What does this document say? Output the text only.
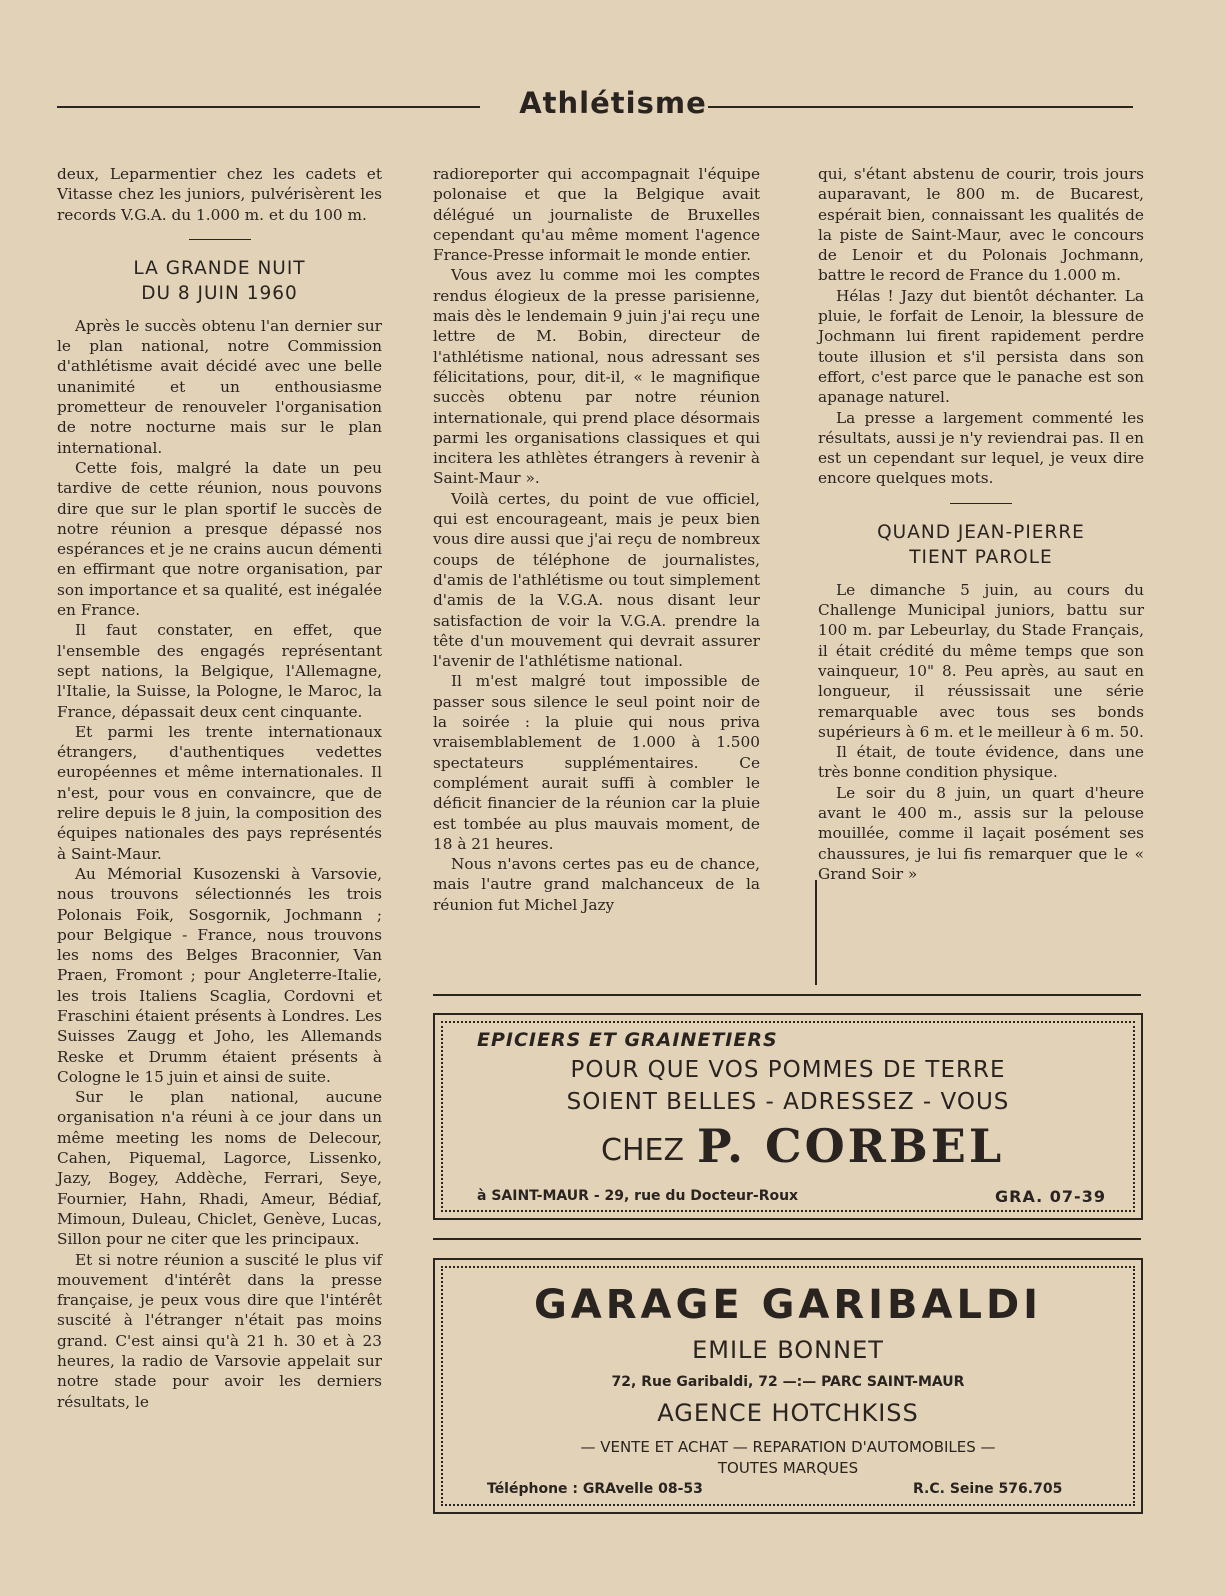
Athlétisme

deux, Leparmentier chez les cadets et Vitasse chez les juniors, pulvérisèrent les records V.G.A. du 1.000 m. et du 100 m.

LA GRANDE NUIT
DU 8 JUIN 1960

Après le succès obtenu l'an dernier sur le plan national, notre Commission d'athlétisme avait décidé avec une belle unanimité et un enthousiasme prometteur de renouveler l'organisation de notre nocturne mais sur le plan international.

Cette fois, malgré la date un peu tardive de cette réunion, nous pouvons dire que sur le plan sportif le succès de notre réunion a presque dépassé nos espérances et je ne crains aucun démenti en effirmant que notre organisation, par son importance et sa qualité, est inégalée en France.

Il faut constater, en effet, que l'ensemble des engagés représentant sept nations, la Belgique, l'Allemagne, l'Italie, la Suisse, la Pologne, le Maroc, la France, dépassait deux cent cinquante.

Et parmi les trente internationaux étrangers, d'authentiques vedettes européennes et même internationales. Il n'est, pour vous en convaincre, que de relire depuis le 8 juin, la composition des équipes nationales des pays représentés à Saint-Maur.

Au Mémorial Kusozenski à Varsovie, nous trouvons sélectionnés les trois Polonais Foik, Sosgornik, Jochmann ; pour Belgique - France, nous trouvons les noms des Belges Braconnier, Van Praen, Fromont ; pour Angleterre-Italie, les trois Italiens Scaglia, Cordovni et Fraschini étaient présents à Londres. Les Suisses Zaugg et Joho, les Allemands Reske et Drumm étaient présents à Cologne le 15 juin et ainsi de suite.

Sur le plan national, aucune organisation n'a réuni à ce jour dans un même meeting les noms de Delecour, Cahen, Piquemal, Lagorce, Lissenko, Jazy, Bogey, Addèche, Ferrari, Seye, Fournier, Hahn, Rhadi, Ameur, Bédiaf, Mimoun, Duleau, Chiclet, Genève, Lucas, Sillon pour ne citer que les principaux.

Et si notre réunion a suscité le plus vif mouvement d'intérêt dans la presse française, je peux vous dire que l'intérêt suscité à l'étranger n'était pas moins grand. C'est ainsi qu'à 21 h. 30 et à 23 heures, la radio de Varsovie appelait sur notre stade pour avoir les derniers résultats, le

radioreporter qui accompagnait l'équipe polonaise et que la Belgique avait délégué un journaliste de Bruxelles cependant qu'au même moment l'agence France-Presse informait le monde entier.

Vous avez lu comme moi les comptes rendus élogieux de la presse parisienne, mais dès le lendemain 9 juin j'ai reçu une lettre de M. Bobin, directeur de l'athlétisme national, nous adressant ses félicitations, pour, dit-il, « le magnifique succès obtenu par notre réunion internationale, qui prend place désormais parmi les organisations classiques et qui incitera les athlètes étrangers à revenir à Saint-Maur ».

Voilà certes, du point de vue officiel, qui est encourageant, mais je peux bien vous dire aussi que j'ai reçu de nombreux coups de téléphone de journalistes, d'amis de l'athlétisme ou tout simplement d'amis de la V.G.A. nous disant leur satisfaction de voir la V.G.A. prendre la tête d'un mouvement qui devrait assurer l'avenir de l'athlétisme national.

Il m'est malgré tout impossible de passer sous silence le seul point noir de la soirée : la pluie qui nous priva vraisemblablement de 1.000 à 1.500 spectateurs supplémentaires. Ce complément aurait suffi à combler le déficit financier de la réunion car la pluie est tombée au plus mauvais moment, de 18 à 21 heures.

Nous n'avons certes pas eu de chance, mais l'autre grand malchanceux de la réunion fut Michel Jazy

qui, s'étant abstenu de courir, trois jours auparavant, le 800 m. de Bucarest, espérait bien, connaissant les qualités de la piste de Saint-Maur, avec le concours de Lenoir et du Polonais Jochmann, battre le record de France du 1.000 m.

Hélas ! Jazy dut bientôt déchanter. La pluie, le forfait de Lenoir, la blessure de Jochmann lui firent rapidement perdre toute illusion et s'il persista dans son effort, c'est parce que le panache est son apanage naturel.

La presse a largement commenté les résultats, aussi je n'y reviendrai pas. Il en est un cependant sur lequel, je veux dire encore quelques mots.

QUAND JEAN-PIERRE
TIENT PAROLE

Le dimanche 5 juin, au cours du Challenge Municipal juniors, battu sur 100 m. par Lebeurlay, du Stade Français, il était crédité du même temps que son vainqueur, 10" 8. Peu après, au saut en longueur, il réussissait une série remarquable avec tous ses bonds supérieurs à 6 m. et le meilleur à 6 m. 50.

Il était, de toute évidence, dans une très bonne condition physique.

Le soir du 8 juin, un quart d'heure avant le 400 m., assis sur la pelouse mouillée, comme il laçait posément ses chaussures, je lui fis remarquer que le « Grand Soir »

EPICIERS ET GRAINETIERS
POUR QUE VOS POMMES DE TERRE
SOIENT BELLES - ADRESSEZ - VOUS
CHEZ P. CORBEL
à SAINT-MAUR - 29, rue du Docteur-Roux	GRA. 07-39
GARAGE GARIBALDI
EMILE BONNET
72, Rue Garibaldi, 72 —:— PARC SAINT-MAUR
AGENCE HOTCHKISS
— VENTE ET ACHAT — REPARATION D'AUTOMOBILES —
TOUTES MARQUES
Téléphone : GRAvelle 08-53	R.C. Seine 576.705
